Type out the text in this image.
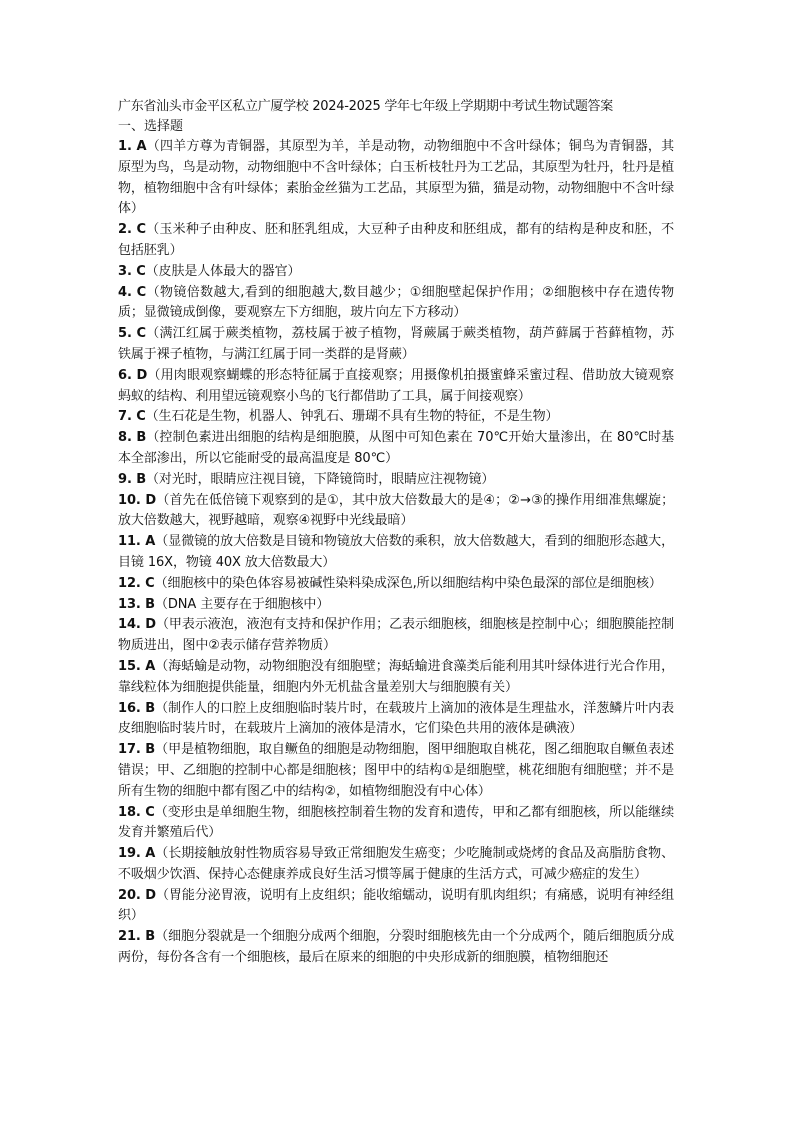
广东省汕头市金平区私立广厦学校 2024-2025 学年七年级上学期期中考试生物试题答案
一、选择题
1. A（四羊方尊为青铜器，其原型为羊，羊是动物，动物细胞中不含叶绿体；铜鸟为青铜器，其原型为鸟，鸟是动物，动物细胞中不含叶绿体；白玉析枝牡丹为工艺品，其原型为牡丹，牡丹是植物，植物细胞中含有叶绿体；素胎金丝猫为工艺品，其原型为猫，猫是动物，动物细胞中不含叶绿体）
2. C（玉米种子由种皮、胚和胚乳组成，大豆种子由种皮和胚组成，都有的结构是种皮和胚，不包括胚乳）
3. C（皮肤是人体最大的器官）
4. C（物镜倍数越大,看到的细胞越大,数目越少；①细胞壁起保护作用；②细胞核中存在遗传物质；显微镜成倒像，要观察左下方细胞，玻片向左下方移动）
5. C（满江红属于蕨类植物，荔枝属于被子植物，肾蕨属于蕨类植物，葫芦藓属于苔藓植物，苏铁属于裸子植物，与满江红属于同一类群的是肾蕨）
6. D（用肉眼观察蝴蝶的形态特征属于直接观察；用摄像机拍摄蜜蜂采蜜过程、借助放大镜观察蚂蚁的结构、利用望远镜观察小鸟的飞行都借助了工具，属于间接观察）
7. C（生石花是生物，机器人、钟乳石、珊瑚不具有生物的特征，不是生物）
8. B（控制色素进出细胞的结构是细胞膜，从图中可知色素在 70℃开始大量渗出，在 80℃时基本全部渗出，所以它能耐受的最高温度是 80℃）
9. B（对光时，眼睛应注视目镜，下降镜筒时，眼睛应注视物镜）
10. D（首先在低倍镜下观察到的是①，其中放大倍数最大的是④；②→③的操作用细准焦螺旋；放大倍数越大，视野越暗，观察④视野中光线最暗）
11. A（显微镜的放大倍数是目镜和物镜放大倍数的乘积，放大倍数越大，看到的细胞形态越大，目镜 16X，物镜 40X 放大倍数最大）
12. C（细胞核中的染色体容易被碱性染料染成深色,所以细胞结构中染色最深的部位是细胞核）
13. B（DNA 主要存在于细胞核中）
14. D（甲表示液泡，液泡有支持和保护作用；乙表示细胞核，细胞核是控制中心；细胞膜能控制物质进出，图中②表示储存营养物质）
15. A（海蛞蝓是动物，动物细胞没有细胞壁；海蛞蝓进食藻类后能利用其叶绿体进行光合作用，靠线粒体为细胞提供能量，细胞内外无机盐含量差别大与细胞膜有关）
16. B（制作人的口腔上皮细胞临时装片时，在载玻片上滴加的液体是生理盐水，洋葱鳞片叶内表皮细胞临时装片时，在载玻片上滴加的液体是清水，它们染色共用的液体是碘液）
17. B（甲是植物细胞，取自鳜鱼的细胞是动物细胞，图甲细胞取自桃花，图乙细胞取自鳜鱼表述错误；甲、乙细胞的控制中心都是细胞核；图甲中的结构①是细胞壁，桃花细胞有细胞壁；并不是所有生物的细胞中都有图乙中的结构②，如植物细胞没有中心体）
18. C（变形虫是单细胞生物，细胞核控制着生物的发育和遗传，甲和乙都有细胞核，所以能继续发育并繁殖后代）
19. A（长期接触放射性物质容易导致正常细胞发生癌变；少吃腌制或烧烤的食品及高脂肪食物、不吸烟少饮酒、保持心态健康养成良好生活习惯等属于健康的生活方式，可减少癌症的发生）
20. D（胃能分泌胃液，说明有上皮组织；能收缩蠕动，说明有肌肉组织；有痛感，说明有神经组织）
21. B（细胞分裂就是一个细胞分成两个细胞，分裂时细胞核先由一个分成两个，随后细胞质分成两份，每份各含有一个细胞核，最后在原来的细胞的中央形成新的细胞膜，植物细胞还
